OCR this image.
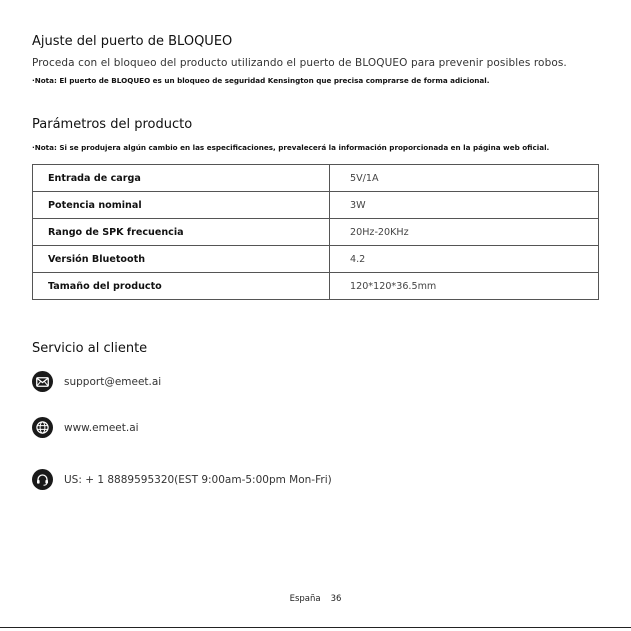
Ajuste del puerto de BLOQUEO
Proceda con el bloqueo del producto utilizando el puerto de BLOQUEO para prevenir posibles robos.
·Nota: El puerto de BLOQUEO es un bloqueo de seguridad Kensington que precisa comprarse de forma adicional.
Parámetros del producto
·Nota: Si se produjera algún cambio en las especificaciones, prevalecerá la información proporcionada en la página web oficial.
Entrada de carga	5V/1A
Potencia nominal	3W
Rango de SPK frecuencia	20Hz-20KHz
Versión Bluetooth	4.2
Tamaño del producto	120*120*36.5mm
Servicio al cliente
support@emeet.ai
www.emeet.ai
US: + 1 8889595320(EST 9:00am-5:00pm Mon-Fri)
España 36
